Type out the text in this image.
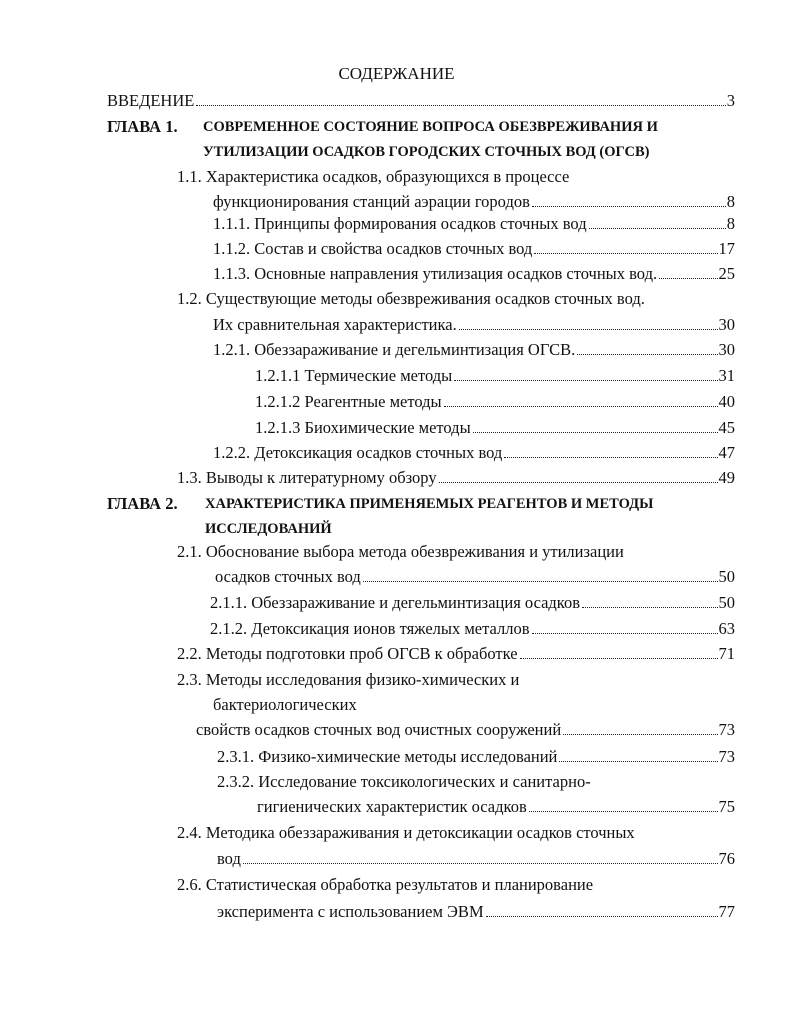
СОДЕРЖАНИЕ
ВВЕДЕНИЕ	3
ГЛАВА 1. СОВРЕМЕННОЕ СОСТОЯНИЕ ВОПРОСА ОБЕЗВРЕЖИВАНИЯ И
УТИЛИЗАЦИИ ОСАДКОВ ГОРОДСКИХ СТОЧНЫХ ВОД (ОГСВ)
1.1. Характеристика осадков, образующихся в процессе
функционирования станций аэрации городов	8
1.1.1. Принципы формирования осадков сточных вод	8
1.1.2. Состав и свойства осадков сточных вод	17
1.1.3. Основные направления утилизация осадков сточных вод.	25
1.2. Существующие методы обезвреживания осадков сточных вод.
Их сравнительная характеристика.	30
1.2.1. Обеззараживание и дегельминтизация ОГСВ.	30
1.2.1.1 Термические методы	31
1.2.1.2 Реагентные методы	40
1.2.1.3 Биохимические методы	45
1.2.2. Детоксикация осадков сточных вод	47
1.3. Выводы к литературному обзору	49
ГЛАВА 2. ХАРАКТЕРИСТИКА ПРИМЕНЯЕМЫХ РЕАГЕНТОВ И МЕТОДЫ
ИССЛЕДОВАНИЙ
2.1. Обоснование выбора метода обезвреживания и утилизации
осадков сточных вод	50
2.1.1. Обеззараживание и дегельминтизация осадков	50
2.1.2. Детоксикация ионов тяжелых металлов	63
2.2. Методы подготовки проб ОГСВ к обработке	71
2.3. Методы исследования физико-химических и
бактериологических
свойств осадков сточных вод очистных сооружений	73
2.3.1. Физико-химические методы исследований	73
2.3.2. Исследование токсикологических и санитарно-
гигиенических характеристик осадков	75
2.4. Методика обеззараживания и детоксикации осадков сточных
вод	76
2.6. Статистическая обработка результатов и планирование
эксперимента с использованием ЭВМ	77
